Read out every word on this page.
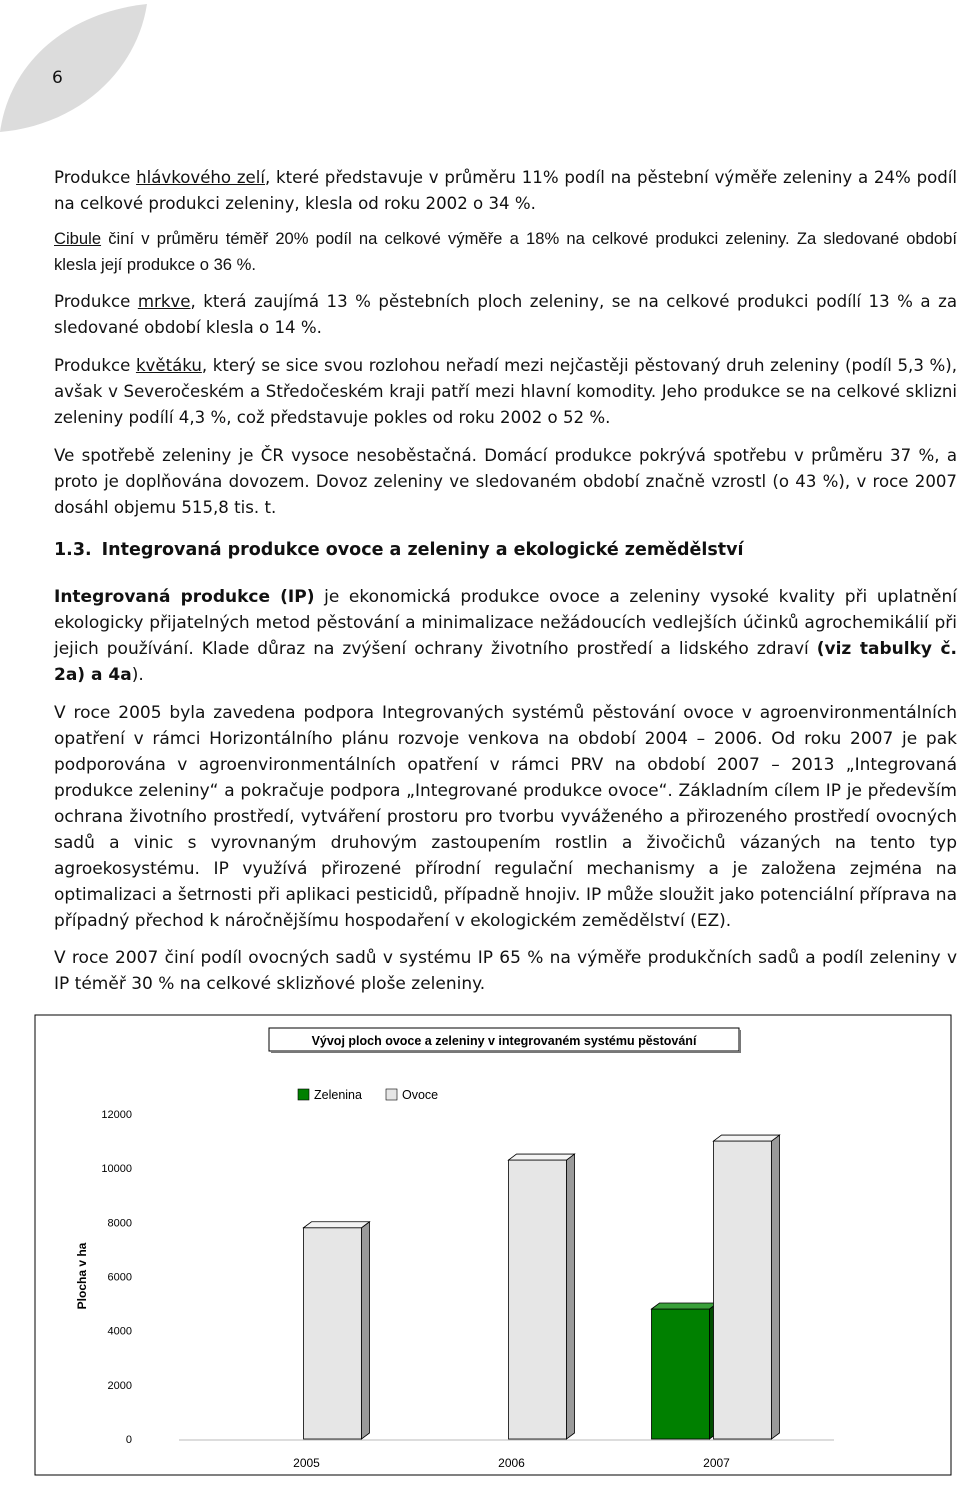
6
Produkce hlávkového zelí, které představuje v průměru 11% podíl na pěstební výměře zeleniny a 24% podíl na celkové produkci zeleniny, klesla od roku 2002 o 34 %.
Cibule činí v průměru téměř 20% podíl na celkové výměře a 18% na celkové produkci zeleniny. Za sledované období klesla její produkce o 36 %.
Produkce mrkve, která zaujímá 13 % pěstebních ploch zeleniny, se na celkové produkci podílí 13 % a za sledované období klesla o 14 %.
Produkce květáku, který se sice svou rozlohou neřadí mezi nejčastěji pěstovaný druh zeleniny (podíl 5,3 %), avšak v Severočeském a Středočeském kraji patří mezi hlavní komodity. Jeho produkce se na celkové sklizni zeleniny podílí 4,3 %, což představuje pokles od roku 2002 o 52 %.
Ve spotřebě zeleniny je ČR vysoce nesoběstačná. Domácí produkce pokrývá spotřebu v průměru 37 %, a proto je doplňována dovozem. Dovoz zeleniny ve sledovaném období značně vzrostl (o 43 %), v roce 2007 dosáhl objemu 515,8 tis. t.
1.3. Integrovaná produkce ovoce a zeleniny a ekologické zemědělství
Integrovaná produkce (IP) je ekonomická produkce ovoce a zeleniny vysoké kvality při uplatnění ekologicky přijatelných metod pěstování a minimalizace nežádoucích vedlejších účinků agrochemikálií při jejich používání. Klade důraz na zvýšení ochrany životního prostředí a lidského zdraví (viz tabulky č. 2a) a 4a).
V roce 2005 byla zavedena podpora Integrovaných systémů pěstování ovoce v agroenvironmentálních opatření v rámci Horizontálního plánu rozvoje venkova na období 2004 – 2006. Od roku 2007 je pak podporována v agroenvironmentálních opatření v rámci PRV na období 2007 – 2013 „Integrovaná produkce zeleniny“ a pokračuje podpora „Integrované produkce ovoce“. Základním cílem IP je především ochrana životního prostředí, vytváření prostoru pro tvorbu vyváženého a přirozeného prostředí ovocných sadů a vinic s vyrovnaným druhovým zastoupením rostlin a živočichů vázaných na tento typ agroekosystému. IP využívá přirozené přírodní regulační mechanismy a je založena zejména na optimalizaci a šetrnosti při aplikaci pesticidů, případně hnojiv. IP může sloužit jako potenciální příprava na případný přechod k náročnějšímu hospodaření v ekologickém zemědělství (EZ).
V roce 2007 činí podíl ovocných sadů v systému IP 65 % na výměře produkčních sadů a podíl zeleniny v IP téměř 30 % na celkové sklizňové ploše zeleniny.
Vývoj ploch ovoce a zeleniny v integrovaném systému pěstování
0
2000
4000
6000
8000
10000
12000
Plocha v ha
Zelenina	Ovoce
2005	2006	2007
